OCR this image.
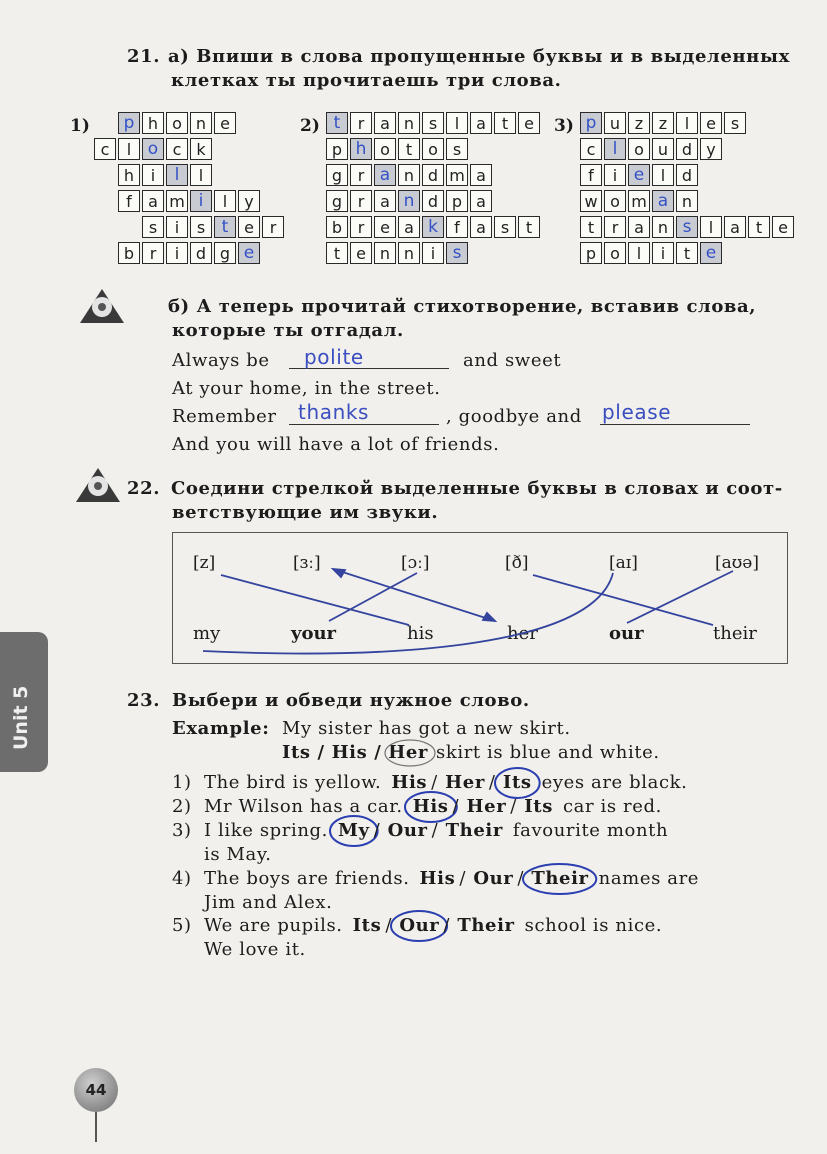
21. а) Впиши в слова пропущенные буквы и в выделенных
клетках ты прочитаешь три слова.
1)	2)	3)
p h o n e
c	l o c k
h	i	l	l
f	a m i	l	y
s	i	s t e r
b r	i	d g e
t	r a n s	l	a t e
p h o t o s
g r a n d m a
g r a n d p a
b r e a k	f	a s	t
t e n n	i	s
p u z z	l	e s
c	l	o u d y
f	i e	l	d
w o m a n
t	r a n s	l	a t e
p o	l	i	t e
б) А теперь прочитай стихотворение, вставив слова,
которые ты отгадал.
Always be polite	and sweet
At your home, in the street.
Remember thanks	, goodbye and please
And you will have a lot of friends.
22. Соедини стрелкой выделенные буквы в словах и соот-
ветствующие им звуки.
[z]	[ɜː]	[ɔː]	[ð]	[aɪ]	[aʊə]
my	your	his	her	our	their
23. Выбери и обведи нужное слово.
Example: My sister has got a new skirt.
Its / His / Her skirt is blue and white.
1) The bird is yellow. His / Her / Its eyes are black.
2) Mr Wilson has a car. His / Her / Its car is red.
3) I like spring. My / Our / Their favourite month
is May.
4) The boys are friends. His / Our / Their names are
Jim and Alex.
5) We are pupils. Its / Our / Their school is nice.
We love it.
Unit 5
44
